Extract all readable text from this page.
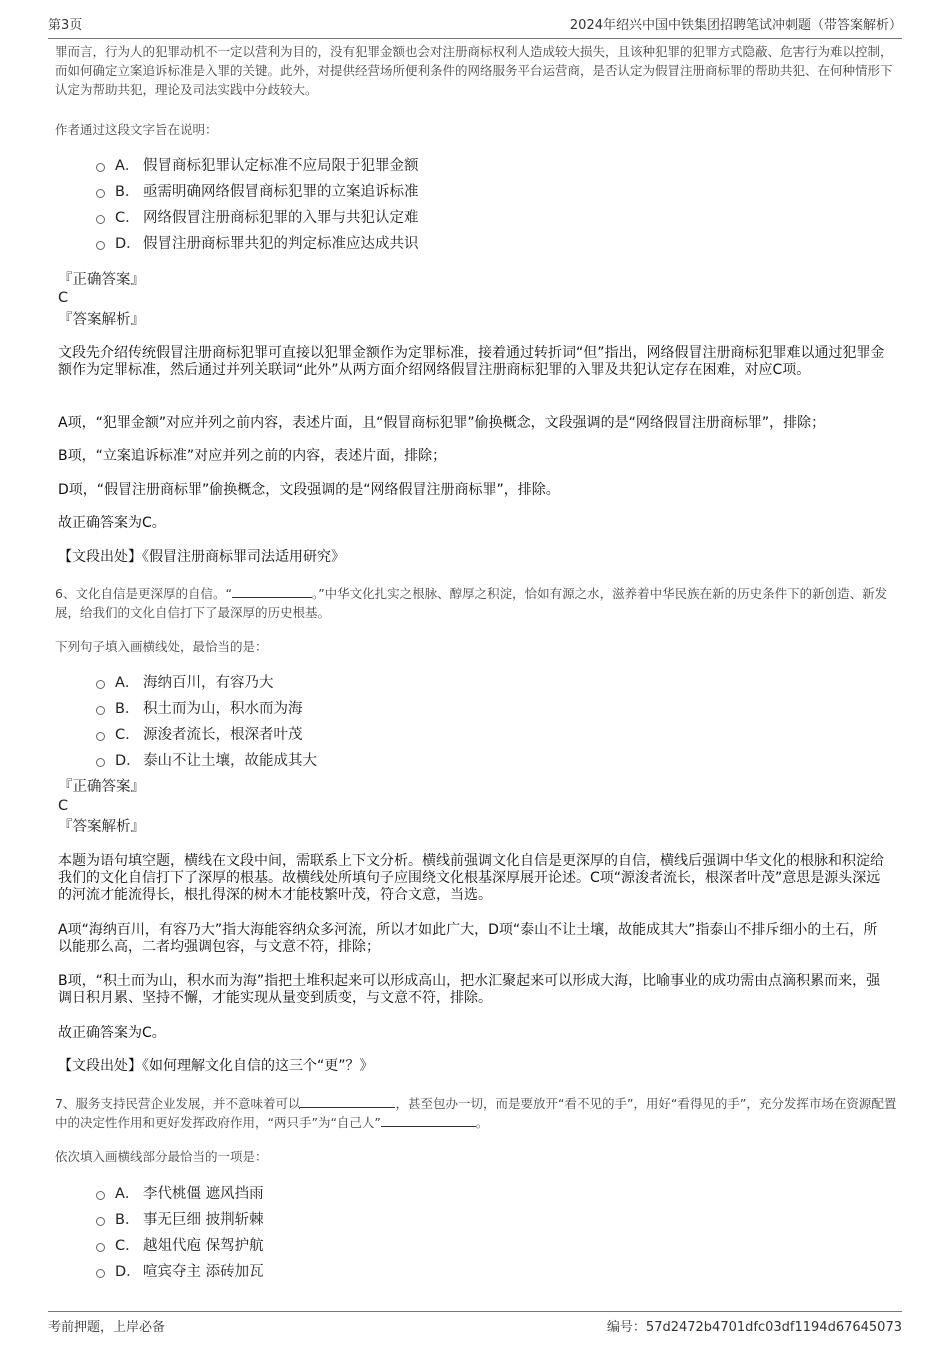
第3页	2024年绍兴中国中铁集团招聘笔试冲刺题（带答案解析）

罪而言，行为人的犯罪动机不一定以营利为目的，没有犯罪金额也会对注册商标权利人造成较大损失，且该种犯罪的犯罪方式隐蔽、危害行为难以控制，而如何确定立案追诉标准是入罪的关键。此外，对提供经营场所便利条件的网络服务平台运营商，是否认定为假冒注册商标罪的帮助共犯、在何种情形下认定为帮助共犯，理论及司法实践中分歧较大。

作者通过这段文字旨在说明：

A． 假冒商标犯罪认定标准不应局限于犯罪金额
B． 亟需明确网络假冒商标犯罪的立案追诉标准
C． 网络假冒注册商标犯罪的入罪与共犯认定难
D． 假冒注册商标罪共犯的判定标准应达成共识

『正确答案』

C

『答案解析』

文段先介绍传统假冒注册商标犯罪可直接以犯罪金额作为定罪标准，接着通过转折词“但”指出，网络假冒注册商标犯罪难以通过犯罪金额作为定罪标准，然后通过并列关联词“此外”从两方面介绍网络假冒注册商标犯罪的入罪及共犯认定存在困难，对应C项。

A项，“犯罪金额”对应并列之前内容，表述片面，且“假冒商标犯罪”偷换概念，文段强调的是“网络假冒注册商标罪”，排除；

B项，“立案追诉标准”对应并列之前的内容，表述片面，排除；

D项，“假冒注册商标罪”偷换概念，文段强调的是“网络假冒注册商标罪”，排除。

故正确答案为C。

【文段出处】《假冒注册商标罪司法适用研究》

6、文化自信是更深厚的自信。“	。”中华文化扎实之根脉、醇厚之积淀，恰如有源之水，滋养着中华民族在新的历史条件下的新创造、新发展，给我们的文化自信打下了最深厚的历史根基。

下列句子填入画横线处，最恰当的是：

A． 海纳百川，有容乃大
B． 积土而为山，积水而为海
C． 源浚者流长，根深者叶茂
D． 泰山不让土壤，故能成其大

『正确答案』

C

『答案解析』

本题为语句填空题，横线在文段中间，需联系上下文分析。横线前强调文化自信是更深厚的自信，横线后强调中华文化的根脉和积淀给我们的文化自信打下了深厚的根基。故横线处所填句子应围绕文化根基深厚展开论述。C项“源浚者流长，根深者叶茂”意思是源头深远的河流才能流得长，根扎得深的树木才能枝繁叶茂，符合文意，当选。

A项“海纳百川，有容乃大”指大海能容纳众多河流，所以才如此广大，D项“泰山不让土壤，故能成其大”指泰山不排斥细小的土石，所以能那么高，二者均强调包容，与文意不符，排除；

B项，“积土而为山，积水而为海”指把土堆积起来可以形成高山，把水汇聚起来可以形成大海，比喻事业的成功需由点滴积累而来，强调日积月累、坚持不懈，才能实现从量变到质变，与文意不符，排除。

故正确答案为C。

【文段出处】《如何理解文化自信的这三个“更”？》

7、服务支持民营企业发展，并不意味着可以	，甚至包办一切，而是要放开“看不见的手”，用好“看得见的手”，充分发挥市场在资源配置中的决定性作用和更好发挥政府作用，“两只手”为“自己人”	。

依次填入画横线部分最恰当的一项是：

A． 李代桃僵 遮风挡雨
B． 事无巨细 披荆斩棘
C． 越俎代庖 保驾护航
D． 喧宾夺主 添砖加瓦
考前押题，上岸必备	编号：57d2472b4701dfc03df1194d67645073
